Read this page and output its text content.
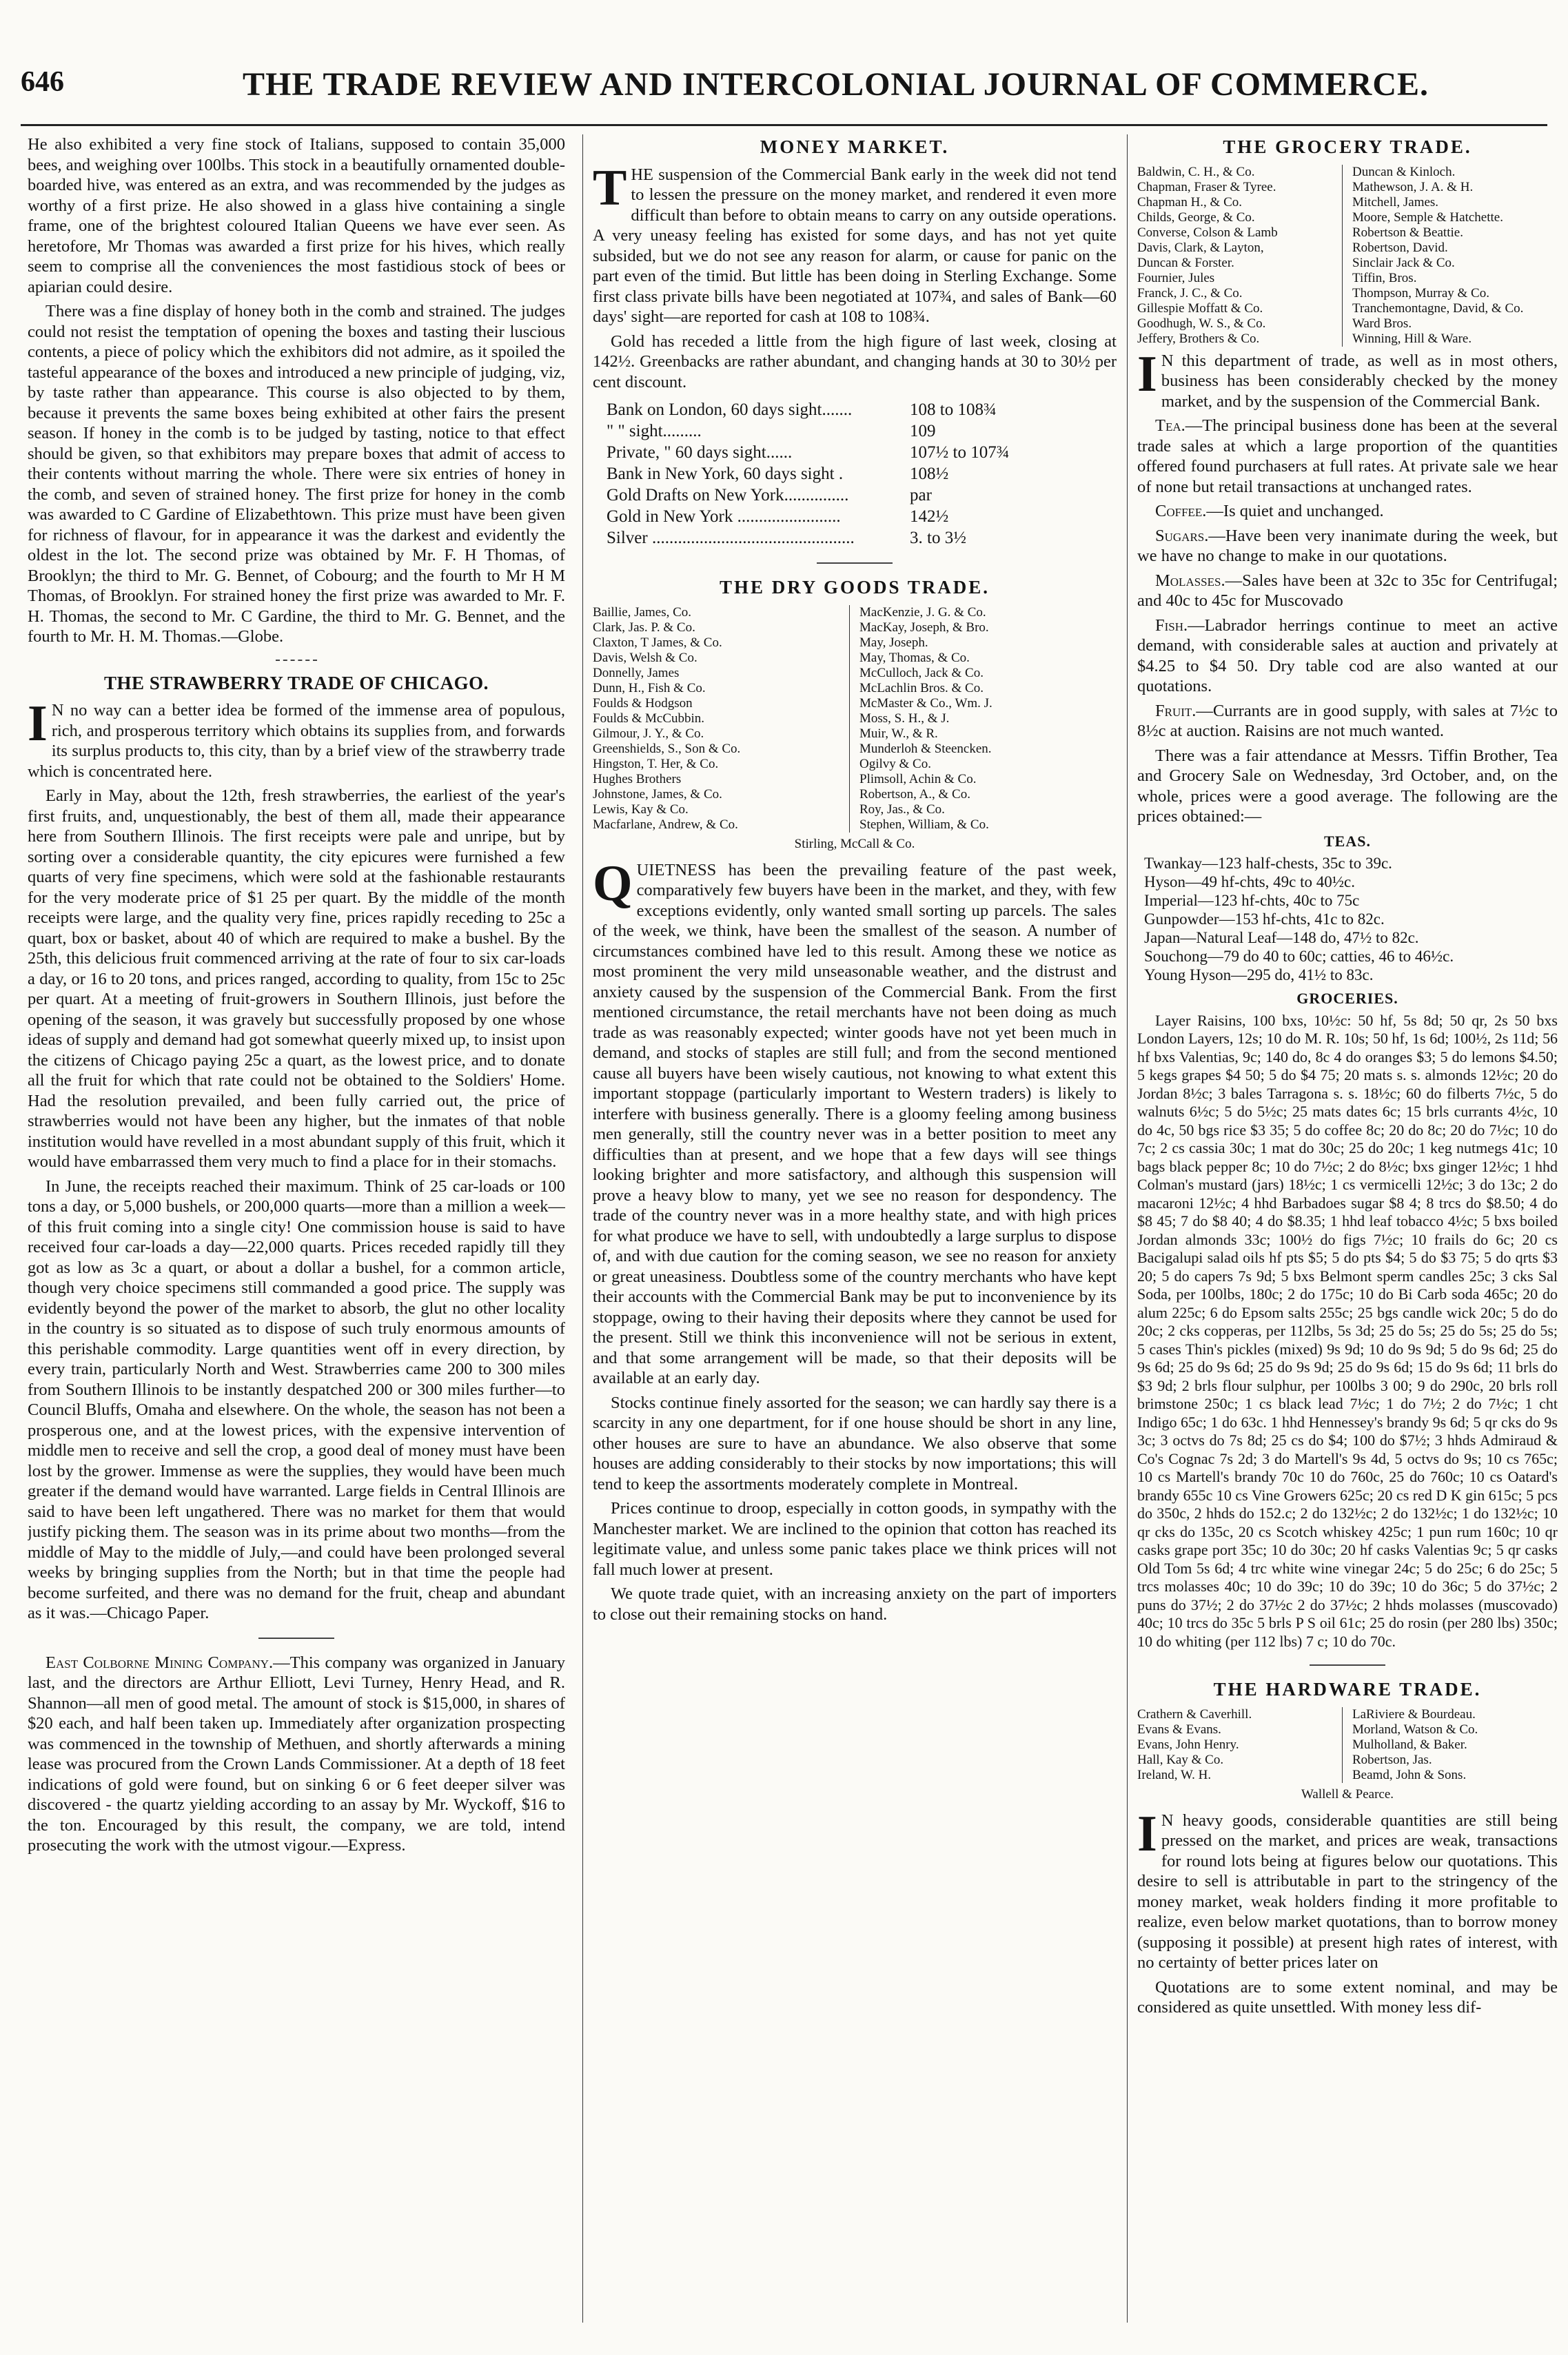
646	THE TRADE REVIEW AND INTERCOLONIAL JOURNAL OF COMMERCE.

He also exhibited a very fine stock of Italians, supposed to contain 35,000 bees, and weighing over 100lbs. This stock in a beautifully ornamented double-boarded hive, was entered as an extra, and was recommended by the judges as worthy of a first prize. He also showed in a glass hive containing a single frame, one of the brightest coloured Italian Queens we have ever seen. As heretofore, Mr Thomas was awarded a first prize for his hives, which really seem to comprise all the conveniences the most fastidious stock of bees or apiarian could desire.

There was a fine display of honey both in the comb and strained. The judges could not resist the temptation of opening the boxes and tasting their luscious contents, a piece of policy which the exhibitors did not admire, as it spoiled the tasteful appearance of the boxes and introduced a new principle of judging, viz, by taste rather than appearance. This course is also objected to by them, because it prevents the same boxes being exhibited at other fairs the present season. If honey in the comb is to be judged by tasting, notice to that effect should be given, so that exhibitors may prepare boxes that admit of access to their contents without marring the whole. There were six entries of honey in the comb, and seven of strained honey. The first prize for honey in the comb was awarded to C Gardine of Elizabethtown. This prize must have been given for richness of flavour, for in appearance it was the darkest and evidently the oldest in the lot. The second prize was obtained by Mr. F. H Thomas, of Brooklyn; the third to Mr. G. Bennet, of Cobourg; and the fourth to Mr H M Thomas, of Brooklyn. For strained honey the first prize was awarded to Mr. F. H. Thomas, the second to Mr. C Gardine, the third to Mr. G. Bennet, and the fourth to Mr. H. M. Thomas.—Globe.

THE STRAWBERRY TRADE OF CHICAGO.

I N no way can a better idea be formed of the immense area of populous, rich, and prosperous territory which obtains its supplies from, and forwards its surplus products to, this city, than by a brief view of the strawberry trade which is concentrated here.

Early in May, about the 12th, fresh strawberries, the earliest of the year's first fruits, and, unquestionably, the best of them all, made their appearance here from Southern Illinois. The first receipts were pale and unripe, but by sorting over a considerable quantity, the city epicures were furnished a few quarts of very fine specimens, which were sold at the fashionable restaurants for the very moderate price of $1 25 per quart. By the middle of the month receipts were large, and the quality very fine, prices rapidly receding to 25c a quart, box or basket, about 40 of which are required to make a bushel. By the 25th, this delicious fruit commenced arriving at the rate of four to six car-loads a day, or 16 to 20 tons, and prices ranged, according to quality, from 15c to 25c per quart. At a meeting of fruit-growers in Southern Illinois, just before the opening of the season, it was gravely but successfully proposed by one whose ideas of supply and demand had got somewhat queerly mixed up, to insist upon the citizens of Chicago paying 25c a quart, as the lowest price, and to donate all the fruit for which that rate could not be obtained to the Soldiers' Home. Had the resolution prevailed, and been fully carried out, the price of strawberries would not have been any higher, but the inmates of that noble institution would have revelled in a most abundant supply of this fruit, which it would have embarrassed them very much to find a place for in their stomachs.

In June, the receipts reached their maximum. Think of 25 car-loads or 100 tons a day, or 5,000 bushels, or 200,000 quarts—more than a million a week—of this fruit coming into a single city! One commission house is said to have received four car-loads a day—22,000 quarts. Prices receded rapidly till they got as low as 3c a quart, or about a dollar a bushel, for a common article, though very choice specimens still commanded a good price. The supply was evidently beyond the power of the market to absorb, the glut no other locality in the country is so situated as to dispose of such truly enormous amounts of this perishable commodity. Large quantities went off in every direction, by every train, particularly North and West. Strawberries came 200 to 300 miles from Southern Illinois to be instantly despatched 200 or 300 miles further—to Council Bluffs, Omaha and elsewhere. On the whole, the season has not been a prosperous one, and at the lowest prices, with the expensive intervention of middle men to receive and sell the crop, a good deal of money must have been lost by the grower. Immense as were the supplies, they would have been much greater if the demand would have warranted. Large fields in Central Illinois are said to have been left ungathered. There was no market for them that would justify picking them. The season was in its prime about two months—from the middle of May to the middle of July,—and could have been prolonged several weeks by bringing supplies from the North; but in that time the people had become surfeited, and there was no demand for the fruit, cheap and abundant as it was.—Chicago Paper.

East Colborne Mining Company.—This company was organized in January last, and the directors are Arthur Elliott, Levi Turney, Henry Head, and R. Shannon—all men of good metal. The amount of stock is $15,000, in shares of $20 each, and half been taken up. Immediately after organization prospecting was commenced in the township of Methuen, and shortly afterwards a mining lease was procured from the Crown Lands Commissioner. At a depth of 18 feet indications of gold were found, but on sinking 6 or 6 feet deeper silver was discovered - the quartz yielding according to an assay by Mr. Wyckoff, $16 to the ton. Encouraged by this result, the company, we are told, intend prosecuting the work with the utmost vigour.—Express.

MONEY MARKET.

THE suspension of the Commercial Bank early in the week did not tend to lessen the pressure on the money market, and rendered it even more difficult than before to obtain means to carry on any outside operations. A very uneasy feeling has existed for some days, and has not yet quite subsided, but we do not see any reason for alarm, or cause for panic on the part even of the timid. But little has been doing in Sterling Exchange. Some first class private bills have been negotiated at 107¾, and sales of Bank—60 days' sight—are reported for cash at 108 to 108¾.

Gold has receded a little from the high figure of last week, closing at 142½. Greenbacks are rather abundant, and changing hands at 30 to 30½ per cent discount.

Bank on London, 60 days sight.......	108 to 108¾
" " sight.........	109
Private, " 60 days sight......	107½ to 107¾
Bank in New York, 60 days sight .	108½
Gold Drafts on New York...............	par
Gold in New York ........................	142½
Silver ...............................................	3. to 3½
THE DRY GOODS TRADE.
Baillie, James, Co.
Clark, Jas. P. & Co.
Claxton, T James, & Co.
Davis, Welsh & Co.
Donnelly, James
Dunn, H., Fish & Co.
Foulds & Hodgson
Foulds & McCubbin.
Gilmour, J. Y., & Co.
Greenshields, S., Son & Co.
Hingston, T. Her, & Co.
Hughes Brothers
Johnstone, James, & Co.
Lewis, Kay & Co.
Macfarlane, Andrew, & Co.
MacKenzie, J. G. & Co.
MacKay, Joseph, & Bro.
May, Joseph.
May, Thomas, & Co.
McCulloch, Jack & Co.
McLachlin Bros. & Co.
McMaster & Co., Wm. J.
Moss, S. H., & J.
Muir, W., & R.
Munderloh & Steencken.
Ogilvy & Co.
Plimsoll, Achin & Co.
Robertson, A., & Co.
Roy, Jas., & Co.
Stephen, William, & Co.
Stirling, McCall & Co.

QUIETNESS has been the prevailing feature of the past week, comparatively few buyers have been in the market, and they, with few exceptions evidently, only wanted small sorting up parcels. The sales of the week, we think, have been the smallest of the season. A number of circumstances combined have led to this result. Among these we notice as most prominent the very mild unseasonable weather, and the distrust and anxiety caused by the suspension of the Commercial Bank. From the first mentioned circumstance, the retail merchants have not been doing as much trade as was reasonably expected; winter goods have not yet been much in demand, and stocks of staples are still full; and from the second mentioned cause all buyers have been wisely cautious, not knowing to what extent this important stoppage (particularly important to Western traders) is likely to interfere with business generally. There is a gloomy feeling among business men generally, still the country never was in a better position to meet any difficulties than at present, and we hope that a few days will see things looking brighter and more satisfactory, and although this suspension will prove a heavy blow to many, yet we see no reason for despondency. The trade of the country never was in a more healthy state, and with high prices for what produce we have to sell, with undoubtedly a large surplus to dispose of, and with due caution for the coming season, we see no reason for anxiety or great uneasiness. Doubtless some of the country merchants who have kept their accounts with the Commercial Bank may be put to inconvenience by its stoppage, owing to their having their deposits where they cannot be used for the present. Still we think this inconvenience will not be serious in extent, and that some arrangement will be made, so that their deposits will be available at an early day.

Stocks continue finely assorted for the season; we can hardly say there is a scarcity in any one department, for if one house should be short in any line, other houses are sure to have an abundance. We also observe that some houses are adding considerably to their stocks by now importations; this will tend to keep the assortments moderately complete in Montreal.

Prices continue to droop, especially in cotton goods, in sympathy with the Manchester market. We are inclined to the opinion that cotton has reached its legitimate value, and unless some panic takes place we think prices will not fall much lower at present.

We quote trade quiet, with an increasing anxiety on the part of importers to close out their remaining stocks on hand.

THE GROCERY TRADE.
Baldwin, C. H., & Co.
Chapman, Fraser & Tyree.
Chapman H., & Co.
Childs, George, & Co.
Converse, Colson & Lamb
Davis, Clark, & Layton,
Duncan & Forster.
Fournier, Jules
Franck, J. C., & Co.
Gillespie Moffatt & Co.
Goodhugh, W. S., & Co.
Jeffery, Brothers & Co.
Duncan & Kinloch.
Mathewson, J. A. & H.
Mitchell, James.
Moore, Semple & Hatchette.
Robertson & Beattie.
Robertson, David.
Sinclair Jack & Co.
Tiffin, Bros.
Thompson, Murray & Co.
Tranchemontagne, David, & Co.
Ward Bros.
Winning, Hill & Ware.

I N this department of trade, as well as in most others, business has been considerably checked by the money market, and by the suspension of the Commercial Bank.

Tea.—The principal business done has been at the several trade sales at which a large proportion of the quantities offered found purchasers at full rates. At private sale we hear of none but retail transactions at unchanged rates.

Coffee.—Is quiet and unchanged.

Sugars.—Have been very inanimate during the week, but we have no change to make in our quotations.

Molasses.—Sales have been at 32c to 35c for Centrifugal; and 40c to 45c for Muscovado

Fish.—Labrador herrings continue to meet an active demand, with considerable sales at auction and privately at $4.25 to $4 50. Dry table cod are also wanted at our quotations.

Fruit.—Currants are in good supply, with sales at 7½c to 8½c at auction. Raisins are not much wanted.

There was a fair attendance at Messrs. Tiffin Brother, Tea and Grocery Sale on Wednesday, 3rd October, and, on the whole, prices were a good average. The following are the prices obtained:—

TEAS.
Twankay—123 half-chests, 35c to 39c.
Hyson—49 hf-chts, 49c to 40½c.
Imperial—123 hf-chts, 40c to 75c
Gunpowder—153 hf-chts, 41c to 82c.
Japan—Natural Leaf—148 do, 47½ to 82c.
Souchong—79 do 40 to 60c; catties, 46 to 46½c.
Young Hyson—295 do, 41½ to 83c.
GROCERIES.

Layer Raisins, 100 bxs, 10½c: 50 hf, 5s 8d; 50 qr, 2s 50 bxs London Layers, 12s; 10 do M. R. 10s; 50 hf, 1s 6d; 100½, 2s 11d; 56 hf bxs Valentias, 9c; 140 do, 8c 4 do oranges $3; 5 do lemons $4.50; 5 kegs grapes $4 50; 5 do $4 75; 20 mats s. s. almonds 12½c; 20 do Jordan 8½c; 3 bales Tarragona s. s. 18½c; 60 do filberts 7½c, 5 do walnuts 6½c; 5 do 5½c; 25 mats dates 6c; 15 brls currants 4½c, 10 do 4c, 50 bgs rice $3 35; 5 do coffee 8c; 20 do 8c; 20 do 7½c; 10 do 7c; 2 cs cassia 30c; 1 mat do 30c; 25 do 20c; 1 keg nutmegs 41c; 10 bags black pepper 8c; 10 do 7½c; 2 do 8½c; bxs ginger 12½c; 1 hhd Colman's mustard (jars) 18½c; 1 cs vermicelli 12½c; 3 do 13c; 2 do macaroni 12½c; 4 hhd Barbadoes sugar $8 4; 8 trcs do $8.50; 4 do $8 45; 7 do $8 40; 4 do $8.35; 1 hhd leaf tobacco 4½c; 5 bxs boiled Jordan almonds 33c; 100½ do figs 7½c; 10 frails do 6c; 20 cs Bacigalupi salad oils hf pts $5; 5 do pts $4; 5 do $3 75; 5 do qrts $3 20; 5 do capers 7s 9d; 5 bxs Belmont sperm candles 25c; 3 cks Sal Soda, per 100lbs, 180c; 2 do 175c; 10 do Bi Carb soda 465c; 20 do alum 225c; 6 do Epsom salts 255c; 25 bgs candle wick 20c; 5 do do 20c; 2 cks copperas, per 112lbs, 5s 3d; 25 do 5s; 25 do 5s; 25 do 5s; 5 cases Thin's pickles (mixed) 9s 9d; 10 do 9s 9d; 5 do 9s 6d; 25 do 9s 6d; 25 do 9s 6d; 25 do 9s 9d; 25 do 9s 6d; 15 do 9s 6d; 11 brls do $3 9d; 2 brls flour sulphur, per 100lbs 3 00; 9 do 290c, 20 brls roll brimstone 250c; 1 cs black lead 7½c; 1 do 7½; 2 do 7½c; 1 cht Indigo 65c; 1 do 63c. 1 hhd Hennessey's brandy 9s 6d; 5 qr cks do 9s 3c; 3 octvs do 7s 8d; 25 cs do $4; 100 do $7½; 3 hhds Admiraud & Co's Cognac 7s 2d; 3 do Martell's 9s 4d, 5 octvs do 9s; 10 cs 765c; 10 cs Martell's brandy 70c 10 do 760c, 25 do 760c; 10 cs Oatard's brandy 655c 10 cs Vine Growers 625c; 20 cs red D K gin 615c; 5 pcs do 350c, 2 hhds do 152.c; 2 do 132½c; 2 do 132½c; 1 do 132½c; 10 qr cks do 135c, 20 cs Scotch whiskey 425c; 1 pun rum 160c; 10 qr casks grape port 35c; 10 do 30c; 20 hf casks Valentias 9c; 5 qr casks Old Tom 5s 6d; 4 trc white wine vinegar 24c; 5 do 25c; 6 do 25c; 5 trcs molasses 40c; 10 do 39c; 10 do 39c; 10 do 36c; 5 do 37½c; 2 puns do 37½; 2 do 37½c 2 do 37½c; 2 hhds molasses (muscovado) 40c; 10 trcs do 35c 5 brls P S oil 61c; 25 do rosin (per 280 lbs) 350c; 10 do whiting (per 112 lbs) 7 c; 10 do 70c.

THE HARDWARE TRADE.
Crathern & Caverhill.
Evans & Evans.
Evans, John Henry.
Hall, Kay & Co.
Ireland, W. H.
LaRiviere & Bourdeau.
Morland, Watson & Co.
Mulholland, & Baker.
Robertson, Jas.
Beamd, John & Sons.
Wallell & Pearce.

I N heavy goods, considerable quantities are still being pressed on the market, and prices are weak, transactions for round lots being at figures below our quotations. This desire to sell is attributable in part to the stringency of the money market, weak holders finding it more profitable to realize, even below market quotations, than to borrow money (supposing it possible) at present high rates of interest, with no certainty of better prices later on

Quotations are to some extent nominal, and may be considered as quite unsettled. With money less dif-
